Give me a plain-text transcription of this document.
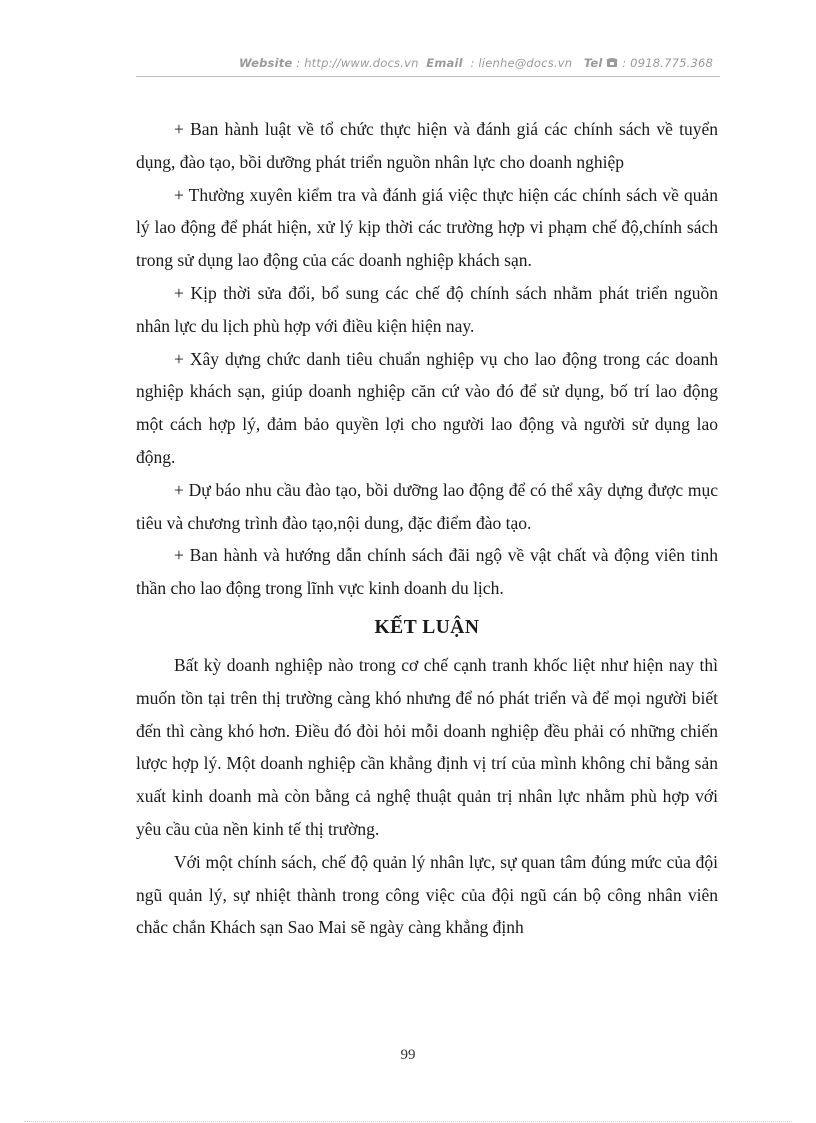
Website : http://www.docs.vn Email : lienhe@docs.vn Tel : 0918.775.368

+ Ban hành luật về tổ chức thực hiện và đánh giá các chính sách về tuyển dụng, đào tạo, bồi dưỡng phát triển nguồn nhân lực cho doanh nghiệp

+ Thường xuyên kiểm tra và đánh giá việc thực hiện các chính sách về quản lý lao động để phát hiện, xử lý kịp thời các trường hợp vi phạm chế độ,chính sách trong sử dụng lao động của các doanh nghiệp khách sạn.

+ Kịp thời sửa đổi, bổ sung các chế độ chính sách nhằm phát triển nguồn nhân lực du lịch phù hợp với điều kiện hiện nay.

+ Xây dựng chức danh tiêu chuẩn nghiệp vụ cho lao động trong các doanh nghiệp khách sạn, giúp doanh nghiệp căn cứ vào đó để sử dụng, bố trí lao động một cách hợp lý, đảm bảo quyền lợi cho người lao động và người sử dụng lao động.

+ Dự báo nhu cầu đào tạo, bồi dưỡng lao động để có thể xây dựng được mục tiêu và chương trình đào tạo,nội dung, đặc điểm đào tạo.

+ Ban hành và hướng dẫn chính sách đãi ngộ về vật chất và động viên tinh thần cho lao động trong lĩnh vực kinh doanh du lịch.

KẾT LUẬN

Bất kỳ doanh nghiệp nào trong cơ chế cạnh tranh khốc liệt như hiện nay thì muốn tồn tại trên thị trường càng khó nhưng để nó phát triển và để mọi người biết đến thì càng khó hơn. Điều đó đòi hỏi mỗi doanh nghiệp đều phải có những chiến lược hợp lý. Một doanh nghiệp cần khẳng định vị trí của mình không chỉ bằng sản xuất kinh doanh mà còn bằng cả nghệ thuật quản trị nhân lực nhằm phù hợp với yêu cầu của nền kinh tế thị trường.

Với một chính sách, chế độ quản lý nhân lực, sự quan tâm đúng mức của đội ngũ quản lý, sự nhiệt thành trong công việc của đội ngũ cán bộ công nhân viên chắc chắn Khách sạn Sao Mai sẽ ngày càng khẳng định

99
